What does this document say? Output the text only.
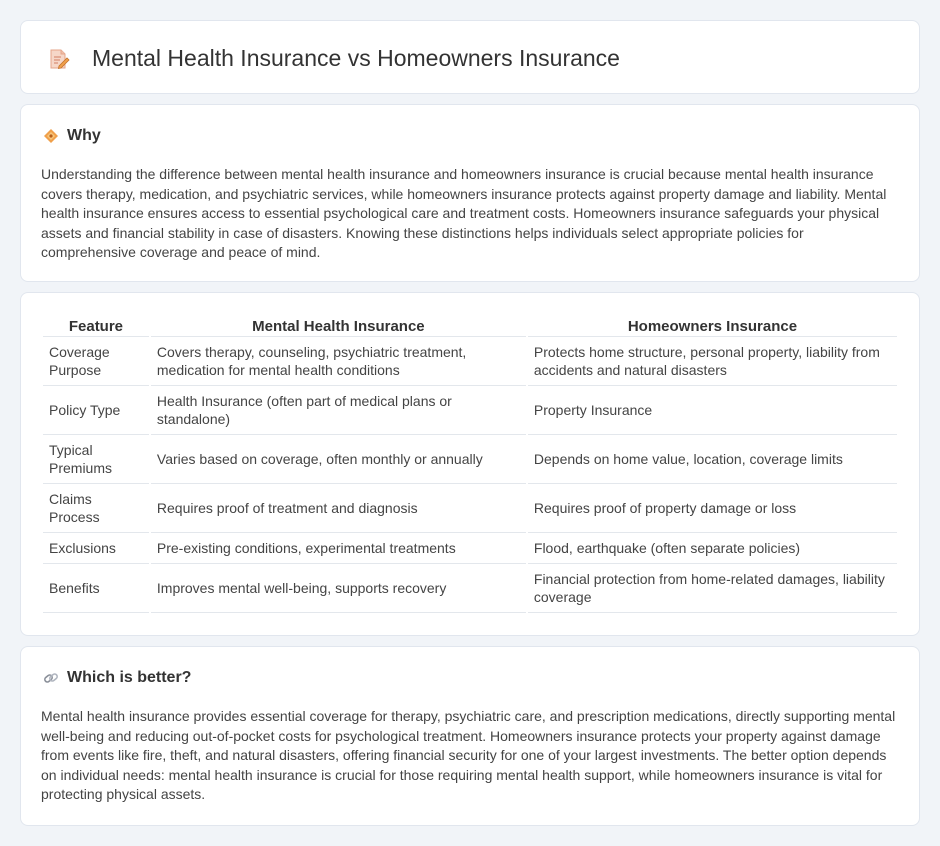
Mental Health Insurance vs Homeowners Insurance
Why

Understanding the difference between mental health insurance and homeowners insurance is crucial because mental health insurance covers therapy, medication, and psychiatric services, while homeowners insurance protects against property damage and liability. Mental health insurance ensures access to essential psychological care and treatment costs. Homeowners insurance safeguards your physical assets and financial stability in case of disasters. Knowing these distinctions helps individuals select appropriate policies for comprehensive coverage and peace of mind.

Feature	Mental Health Insurance	Homeowners Insurance
Coverage Purpose	Covers therapy, counseling, psychiatric treatment, medication for mental health conditions	Protects home structure, personal property, liability from accidents and natural disasters
Policy Type	Health Insurance (often part of medical plans or standalone)	Property Insurance
Typical Premiums	Varies based on coverage, often monthly or annually	Depends on home value, location, coverage limits
Claims Process	Requires proof of treatment and diagnosis	Requires proof of property damage or loss
Exclusions	Pre-existing conditions, experimental treatments	Flood, earthquake (often separate policies)
Benefits	Improves mental well-being, supports recovery	Financial protection from home-related damages, liability coverage
Which is better?

Mental health insurance provides essential coverage for therapy, psychiatric care, and prescription medications, directly supporting mental well-being and reducing out-of-pocket costs for psychological treatment. Homeowners insurance protects your property against damage from events like fire, theft, and natural disasters, offering financial security for one of your largest investments. The better option depends on individual needs: mental health insurance is crucial for those requiring mental health support, while homeowners insurance is vital for protecting physical assets.
